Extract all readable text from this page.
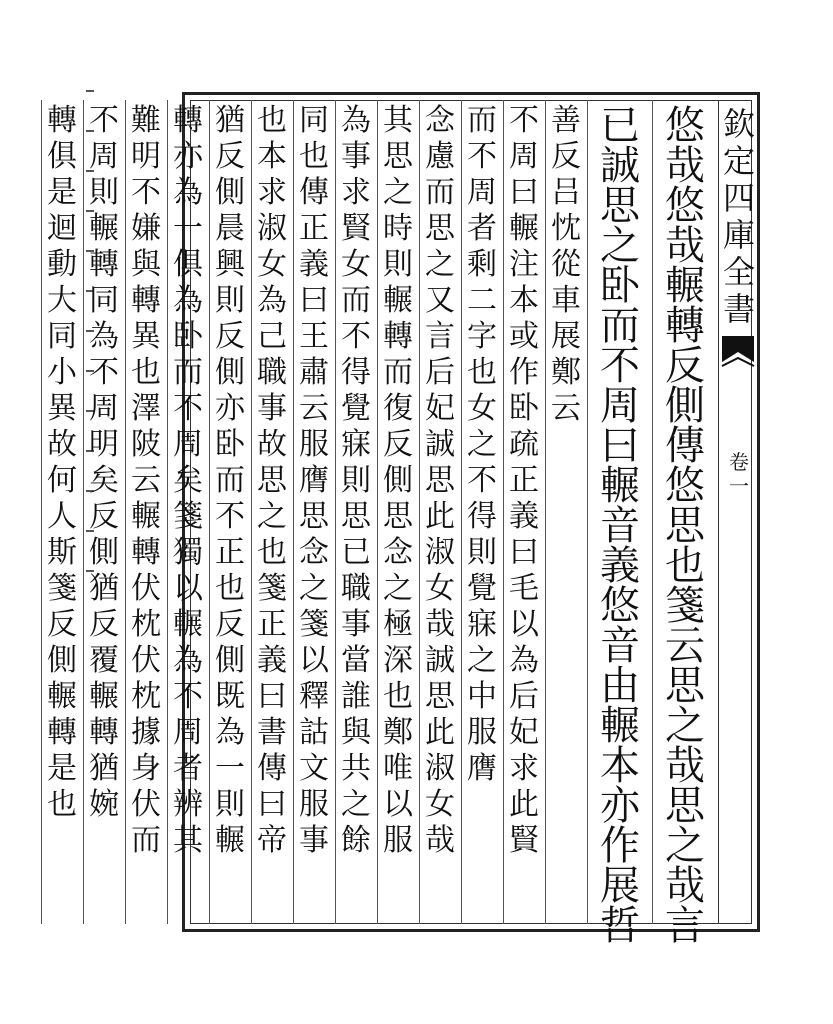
欽
定
四
庫
全
書
卷
一
悠
哉
悠
哉
輾
轉
反
側
傳
悠
思
也
箋
云
思
之
哉
思
之
哉
言
已
誠
思
之
卧
而
不
周
曰
輾
音
義
悠
音
由
輾
本
亦
作
展
哲
善
反
吕
忱
從
車
展
鄭
云
不
周
曰
輾
注
本
或
作
卧
疏
正
義
曰
毛
以
為
后
妃
求
此
賢
而
不
周
者
剩
二
字
也
女
之
不
得
則
覺
寐
之
中
服
膺
念
慮
而
思
之
又
言
后
妃
誠
思
此
淑
女
哉
誠
思
此
淑
女
哉
其
思
之
時
則
輾
轉
而
復
反
側
思
念
之
極
深
也
鄭
唯
以
服
為
事
求
賢
女
而
不
得
覺
寐
則
思
已
職
事
當
誰
與
共
之
餘
同
也
傳
正
義
曰
王
肅
云
服
膺
思
念
之
箋
以
釋
詁
文
服
事
也
本
求
淑
女
為
己
職
事
故
思
之
也
箋
正
義
曰
書
傳
曰
帝
猶
反
側
晨
興
則
反
側
亦
卧
而
不
正
也
反
側
既
為
一
則
輾
轉
亦
為
一
俱
為
卧
而
不
周
矣
箋
獨
以
輾
為
不
周
者
辨
其
難
明
不
嫌
與
轉
異
也
澤
陂
云
輾
轉
伏
枕
伏
枕
據
身
伏
而
不
周
則
輾
轉
同
為
不
周
明
矣
反
側
猶
反
覆
輾
轉
猶
婉
轉
俱
是
迴
動
大
同
小
異
故
何
人
斯
箋
反
側
輾
轉
是
也
